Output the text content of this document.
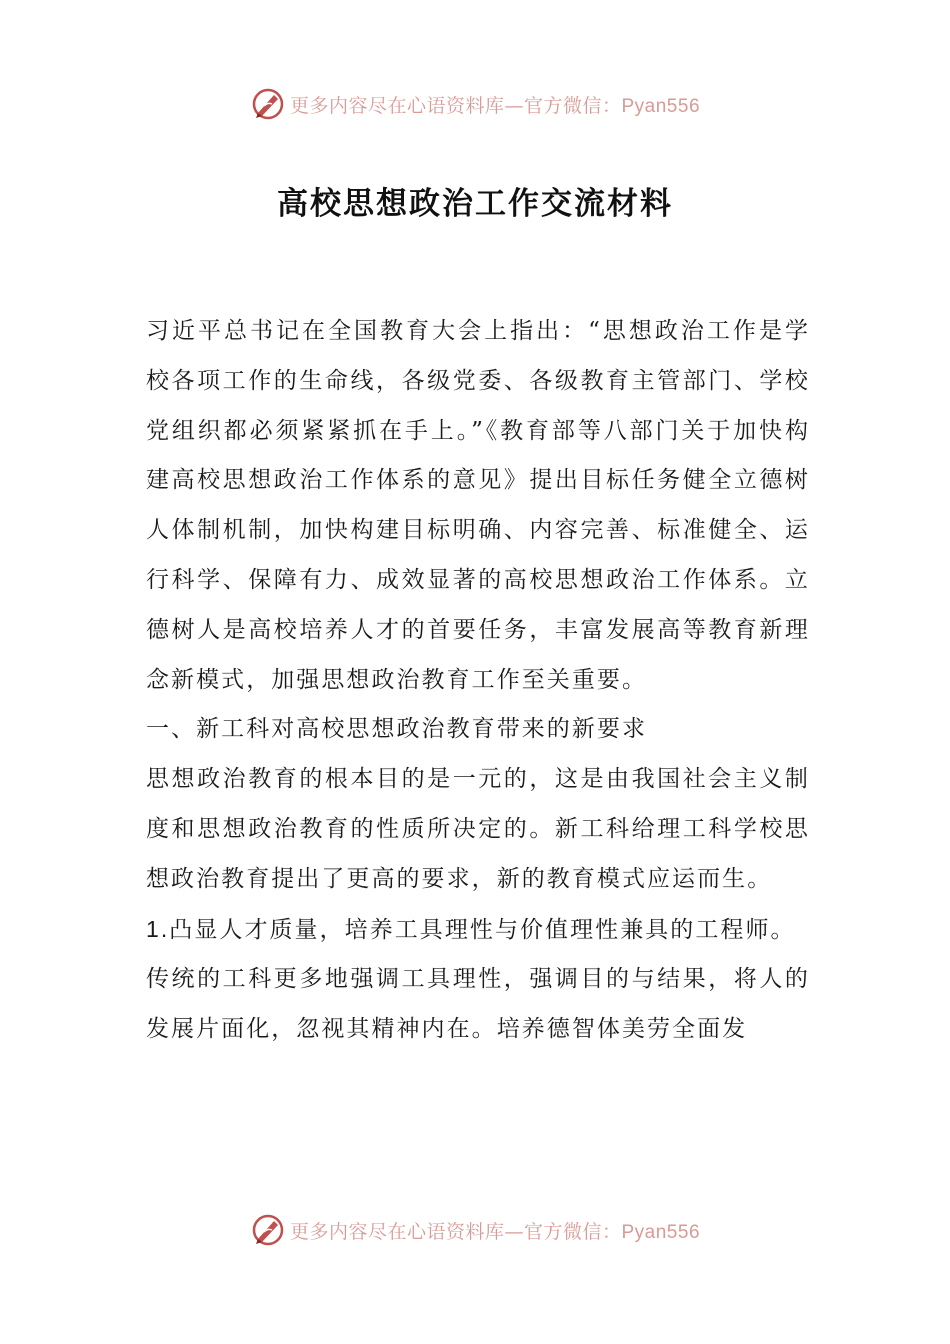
更多内容尽在心语资料库—官方微信：Pyan556
高校思想政治工作交流材料

习近平总书记在全国教育大会上指出：“思想政治工作是学校各项工作的生命线，各级党委、各级教育主管部门、学校党组织都必须紧紧抓在手上。”《教育部等八部门关于加快构建高校思想政治工作体系的意见》提出目标任务健全立德树人体制机制，加快构建目标明确、内容完善、标准健全、运行科学、保障有力、成效显著的高校思想政治工作体系。立德树人是高校培养人才的首要任务，丰富发展高等教育新理念新模式，加强思想政治教育工作至关重要。

一、新工科对高校思想政治教育带来的新要求

思想政治教育的根本目的是一元的，这是由我国社会主义制度和思想政治教育的性质所决定的。新工科给理工科学校思想政治教育提出了更高的要求，新的教育模式应运而生。

1.凸显人才质量，培养工具理性与价值理性兼具的工程师。

传统的工科更多地强调工具理性，强调目的与结果，将人的发展片面化，忽视其精神内在。培养德智体美劳全面发

更多内容尽在心语资料库—官方微信：Pyan556
